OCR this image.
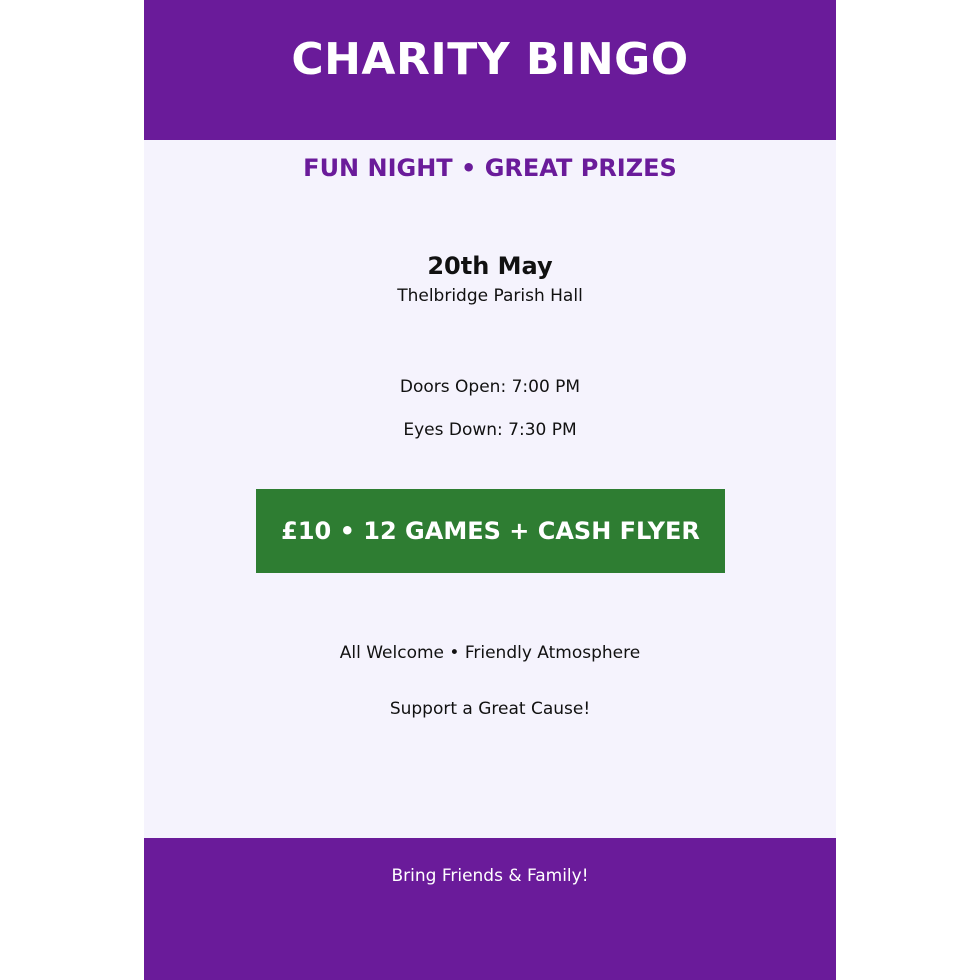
CHARITY BINGO
FUN NIGHT • GREAT PRIZES
20th May
Thelbridge Parish Hall
Doors Open: 7:00 PM
Eyes Down: 7:30 PM
£10 • 12 GAMES + CASH FLYER
All Welcome • Friendly Atmosphere
Support a Great Cause!
Bring Friends & Family!
